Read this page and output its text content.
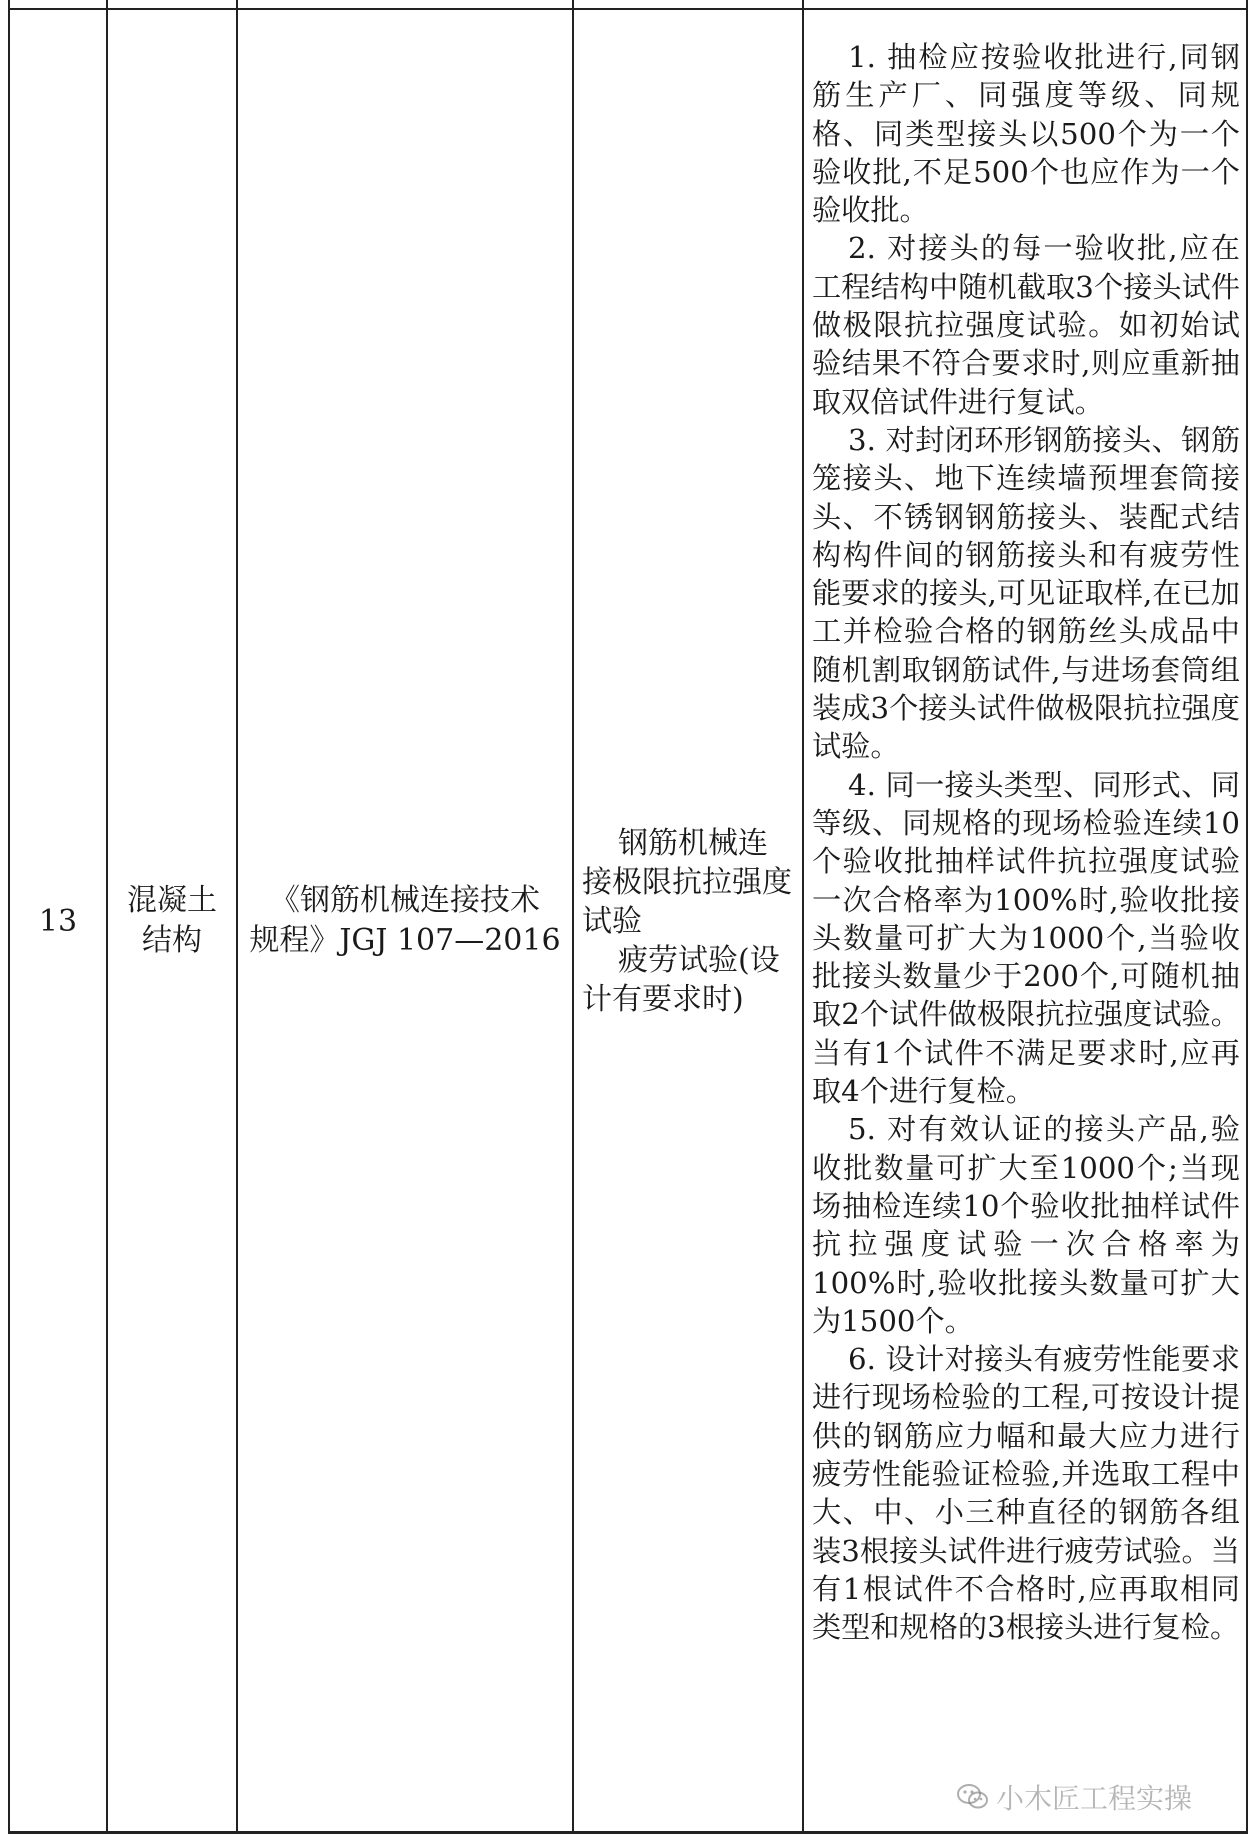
13
混凝土
结构
《钢筋机械连接技术
规程》JGJ 107—2016

钢筋机械连接极限抗拉强度试验

疲劳试验(设计有要求时)

1. 抽检应按验收批进行,同钢筋生产厂、同强度等级、同规格、同类型接头以500个为一个验收批,不足500个也应作为一个验收批。

2. 对接头的每一验收批,应在工程结构中随机截取3个接头试件做极限抗拉强度试验。如初始试验结果不符合要求时,则应重新抽取双倍试件进行复试。

3. 对封闭环形钢筋接头、钢筋笼接头、地下连续墙预埋套筒接头、不锈钢钢筋接头、装配式结构构件间的钢筋接头和有疲劳性能要求的接头,可见证取样,在已加工并检验合格的钢筋丝头成品中随机割取钢筋试件,与进场套筒组装成3个接头试件做极限抗拉强度试验。

4. 同一接头类型、同形式、同等级、同规格的现场检验连续10个验收批抽样试件抗拉强度试验一次合格率为100%时,验收批接头数量可扩大为1000个,当验收批接头数量少于200个,可随机抽取2个试件做极限抗拉强度试验。当有1个试件不满足要求时,应再取4个进行复检。

5. 对有效认证的接头产品,验收批数量可扩大至1000个;当现场抽检连续10个验收批抽样试件抗拉强度试验一次合格率为100%时,验收批接头数量可扩大为1500个。

6. 设计对接头有疲劳性能要求进行现场检验的工程,可按设计提供的钢筋应力幅和最大应力进行疲劳性能验证检验,并选取工程中大、中、小三种直径的钢筋各组装3根接头试件进行疲劳试验。当有1根试件不合格时,应再取相同类型和规格的3根接头进行复检。

小木匠工程实操
